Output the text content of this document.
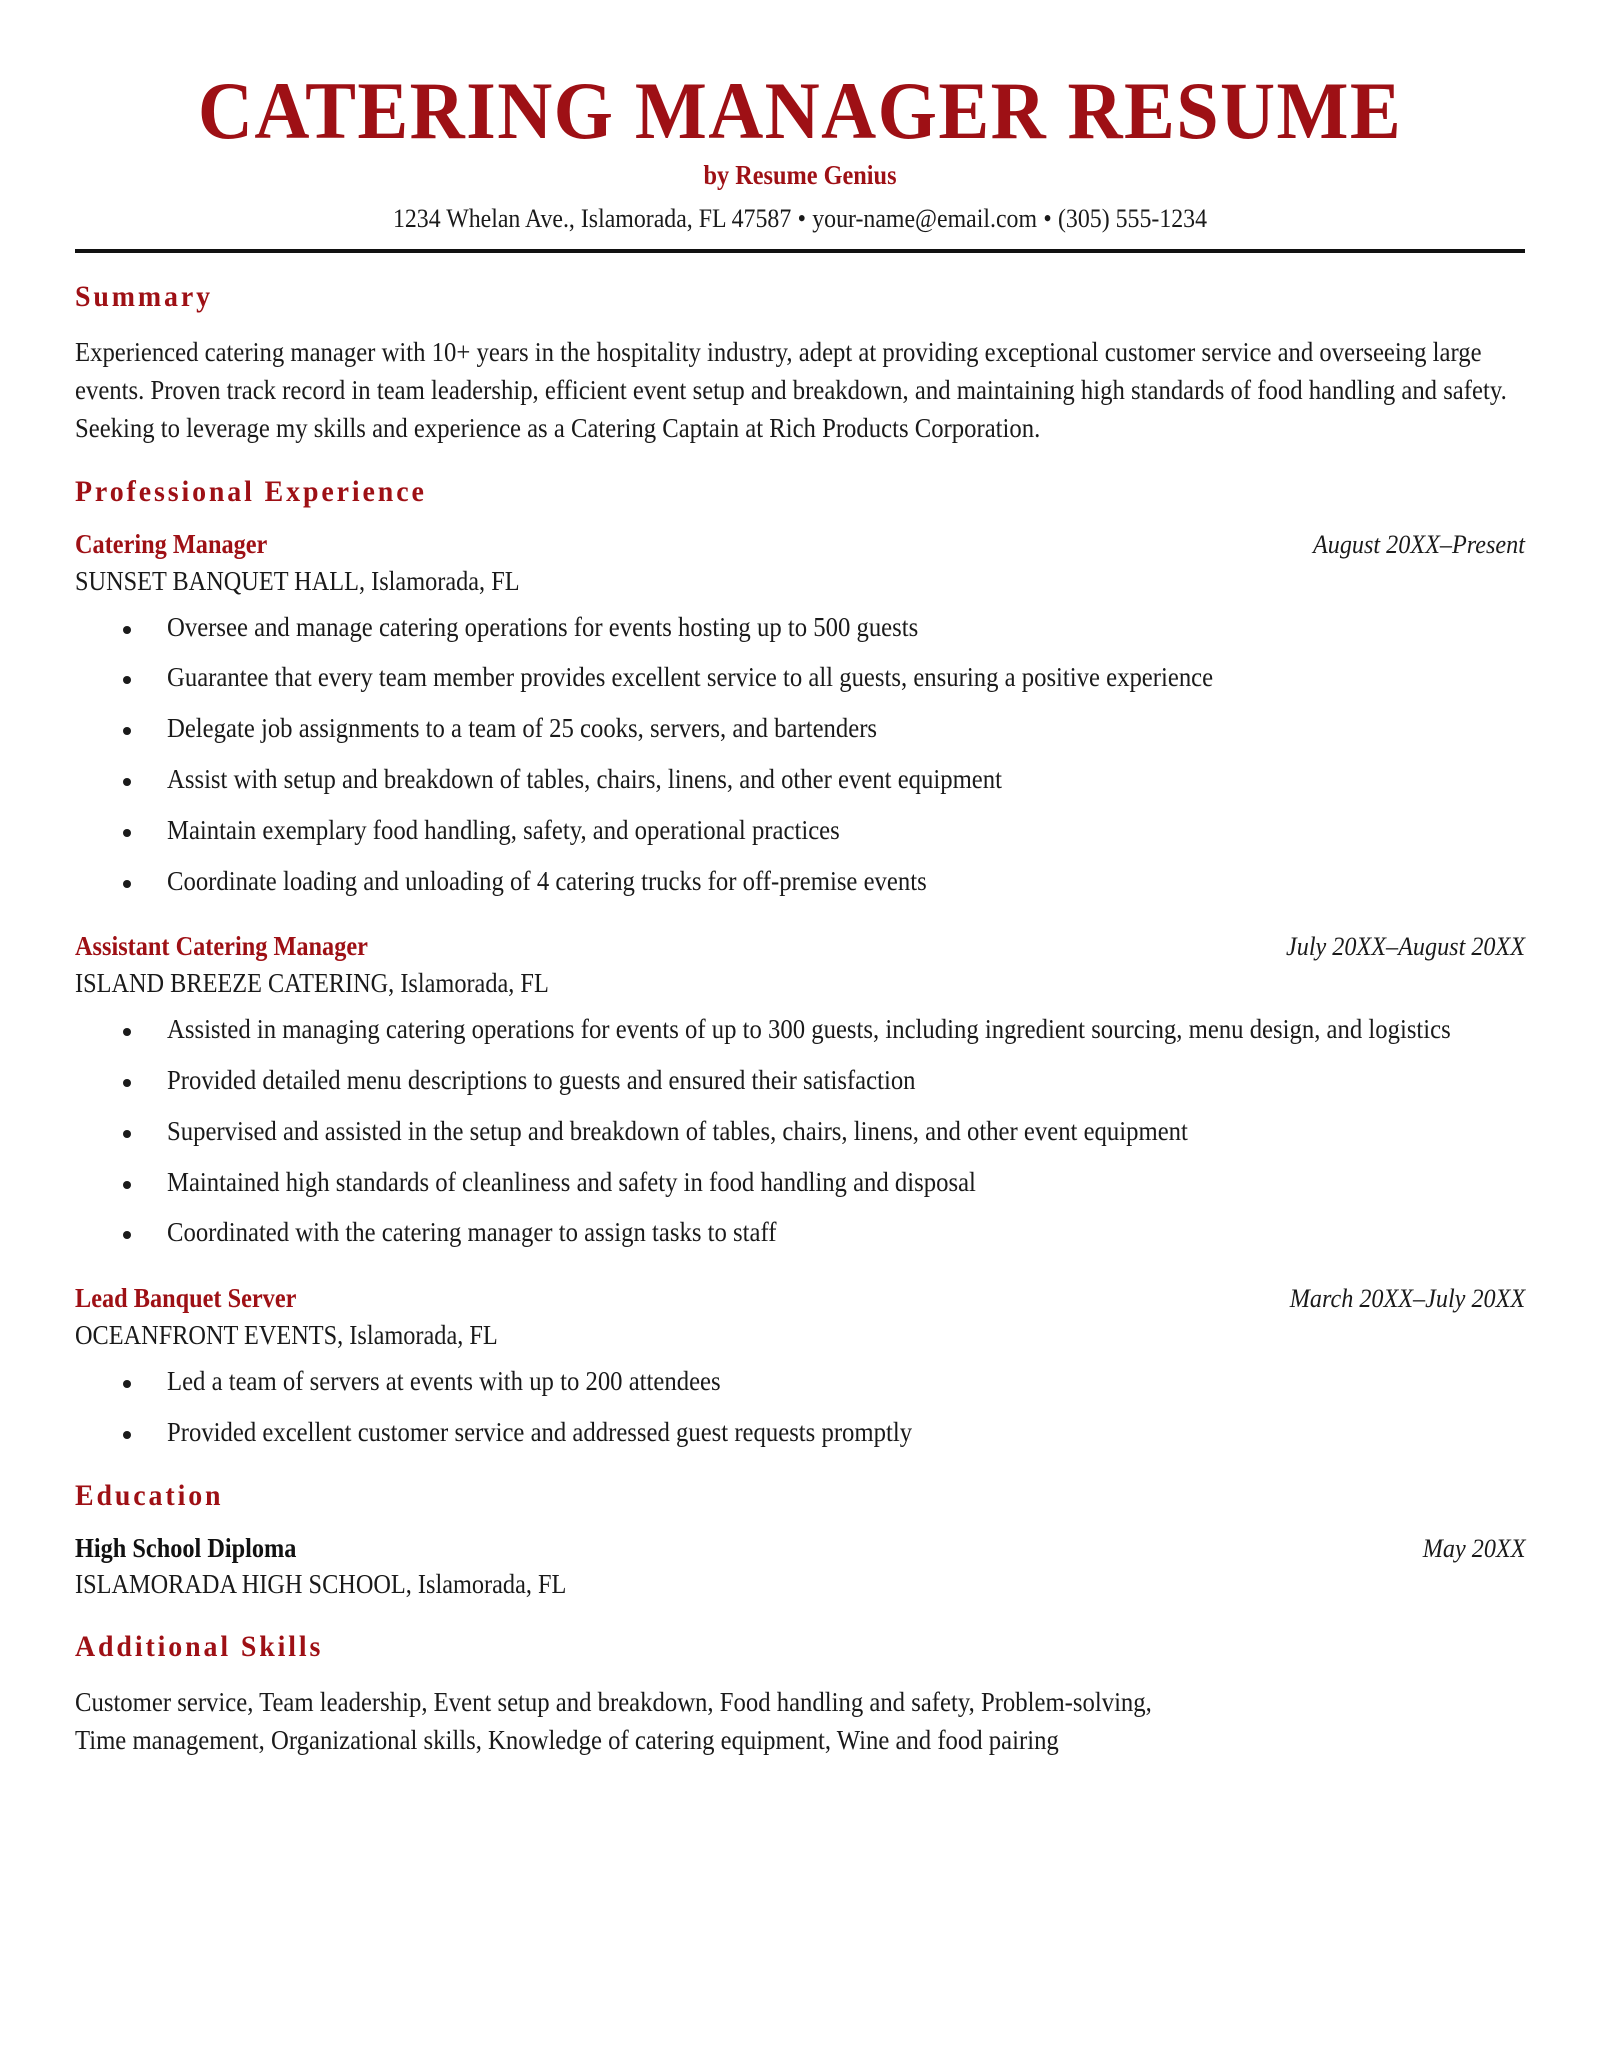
CATERING MANAGER RESUME
by Resume Genius
1234 Whelan Ave., Islamorada, FL 47587 • your-name@email.com • (305) 555-1234
Summary

Experienced catering manager with 10+ years in the hospitality industry, adept at providing exceptional customer service and overseeing large events. Proven track record in team leadership, efficient event setup and breakdown, and maintaining high standards of food handling and safety. Seeking to leverage my skills and experience as a Catering Captain at Rich Products Corporation.

Professional Experience
Catering Manager	August 20XX–Present
SUNSET BANQUET HALL, Islamorada, FL
Oversee and manage catering operations for events hosting up to 500 guests
Guarantee that every team member provides excellent service to all guests, ensuring a positive experience
Delegate job assignments to a team of 25 cooks, servers, and bartenders
Assist with setup and breakdown of tables, chairs, linens, and other event equipment
Maintain exemplary food handling, safety, and operational practices
Coordinate loading and unloading of 4 catering trucks for off-premise events
Assistant Catering Manager	July 20XX–August 20XX
ISLAND BREEZE CATERING, Islamorada, FL
Assisted in managing catering operations for events of up to 300 guests, including ingredient sourcing, menu design, and logistics
Provided detailed menu descriptions to guests and ensured their satisfaction
Supervised and assisted in the setup and breakdown of tables, chairs, linens, and other event equipment
Maintained high standards of cleanliness and safety in food handling and disposal
Coordinated with the catering manager to assign tasks to staff
Lead Banquet Server	March 20XX–July 20XX
OCEANFRONT EVENTS, Islamorada, FL
Led a team of servers at events with up to 200 attendees
Provided excellent customer service and addressed guest requests promptly
Education
High School Diploma	May 20XX
ISLAMORADA HIGH SCHOOL, Islamorada, FL
Additional Skills

Customer service, Team leadership, Event setup and breakdown, Food handling and safety, Problem-solving,

Time management, Organizational skills, Knowledge of catering equipment, Wine and food pairing
